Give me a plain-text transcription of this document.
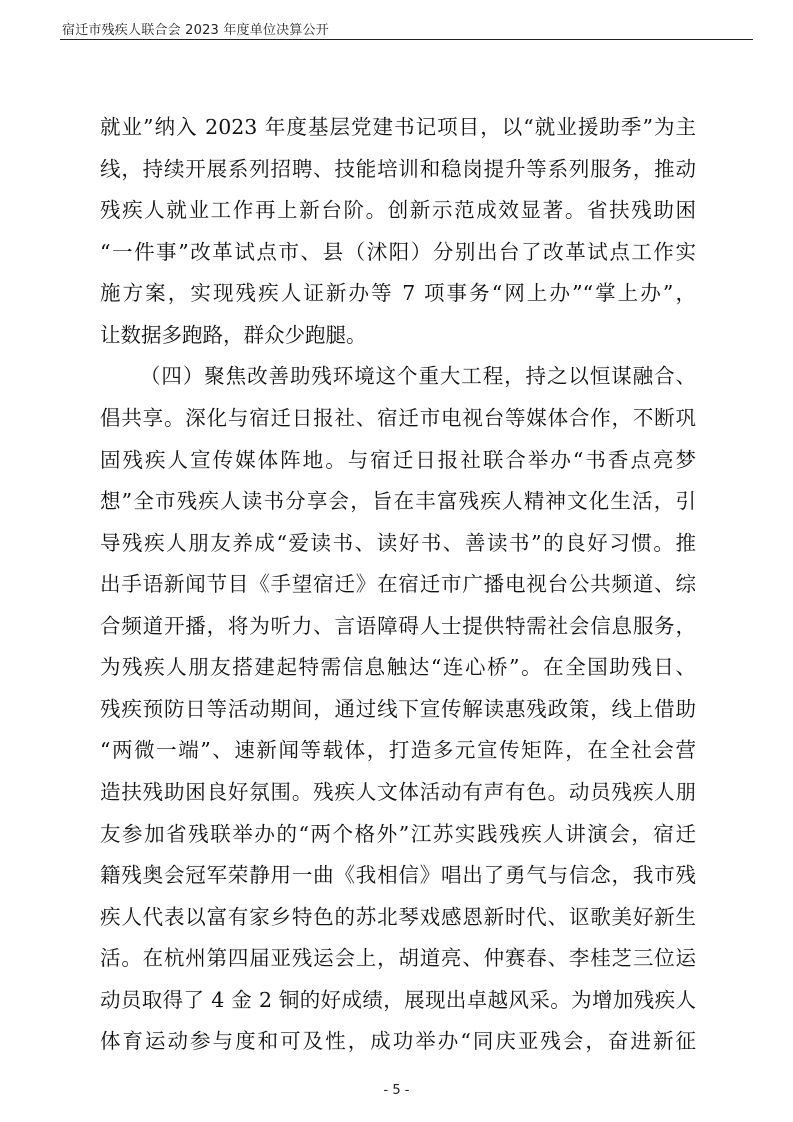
宿迁市残疾人联合会 2023 年度单位决算公开
就业”纳入 2023 年度基层党建书记项目，以“就业援助季”为主
线，持续开展系列招聘、技能培训和稳岗提升等系列服务，推动
残疾人就业工作再上新台阶。创新示范成效显著。省扶残助困
“一件事”改革试点市、县（沭阳）分别出台了改革试点工作实
施方案，实现残疾人证新办等 7 项事务“网上办”“掌上办”，
让数据多跑路，群众少跑腿。
（四）聚焦改善助残环境这个重大工程，持之以恒谋融合、
倡共享。深化与宿迁日报社、宿迁市电视台等媒体合作，不断巩
固残疾人宣传媒体阵地。与宿迁日报社联合举办“书香点亮梦
想”全市残疾人读书分享会，旨在丰富残疾人精神文化生活，引
导残疾人朋友养成“爱读书、读好书、善读书”的良好习惯。推
出手语新闻节目《手望宿迁》在宿迁市广播电视台公共频道、综
合频道开播，将为听力、言语障碍人士提供特需社会信息服务，
为残疾人朋友搭建起特需信息触达“连心桥”。在全国助残日、
残疾预防日等活动期间，通过线下宣传解读惠残政策，线上借助
“两微一端”、速新闻等载体，打造多元宣传矩阵，在全社会营
造扶残助困良好氛围。残疾人文体活动有声有色。动员残疾人朋
友参加省残联举办的“两个格外”江苏实践残疾人讲演会，宿迁
籍残奥会冠军荣静用一曲《我相信》唱出了勇气与信念，我市残
疾人代表以富有家乡特色的苏北琴戏感恩新时代、讴歌美好新生
活。在杭州第四届亚残运会上，胡道亮、仲赛春、李桂芝三位运
动员取得了 4 金 2 铜的好成绩，展现出卓越风采。为增加残疾人
体育运动参与度和可及性，成功举办“同庆亚残会，奋进新征
- 5 -
